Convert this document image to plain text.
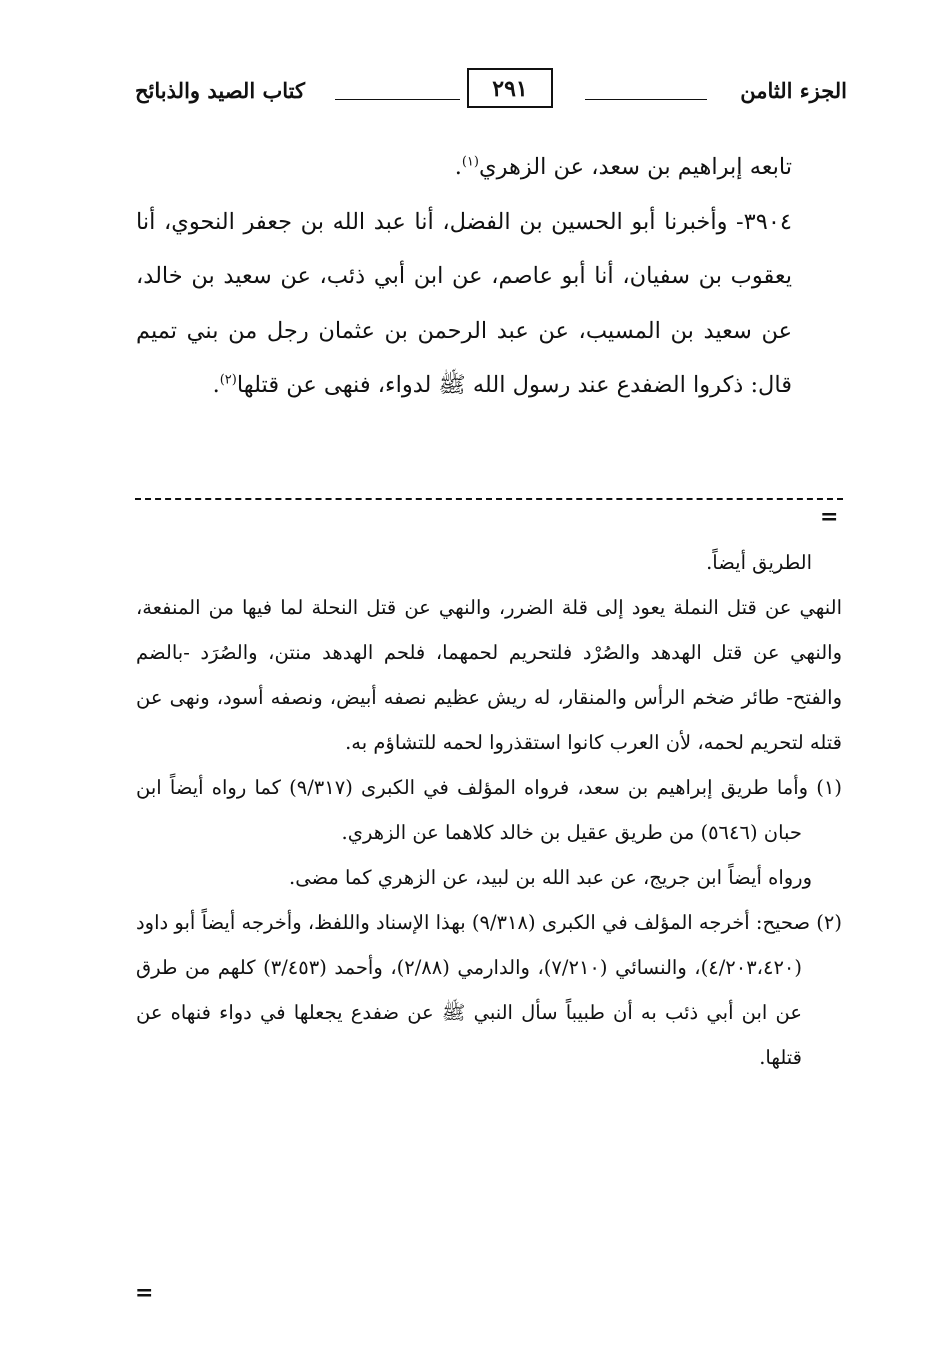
الجزء الثامن
٢٩١
كتاب الصيد والذبائح

تابعه إبراهيم بن سعد، عن الزهري$^{(١)}$.

٣٩٠٤- وأخبرنا أبو الحسين بن الفضل، أنا عبد الله بن جعفر النحوي، أنا يعقوب بن سفيان، أنا أبو عاصم، عن ابن أبي ذئب، عن سعيد بن خالد، عن سعيد بن المسيب، عن عبد الرحمن بن عثمان رجل من بني تميم قال: ذكروا الضفدع عند رسول الله ﷺ لدواء، فنهى عن قتلها$^{(٢)}$.

=

الطريق أيضاً.

النهي عن قتل النملة يعود إلى قلة الضرر، والنهي عن قتل النحلة لما فيها من المنفعة، والنهي عن قتل الهدهد والصُرْد فلتحريم لحمهما، فلحم الهدهد منتن، والصُرَد -بالضم والفتح- طائر ضخم الرأس والمنقار، له ريش عظيم نصفه أبيض، ونصفه أسود، ونهى عن قتله لتحريم لحمه، لأن العرب كانوا استقذروا لحمه للتشاؤم به.

(١) وأما طريق إبراهيم بن سعد، فرواه المؤلف في الكبرى (٩/٣١٧) كما رواه أيضاً ابن حبان (٥٦٤٦) من طريق عقيل بن خالد كلاهما عن الزهري.

ورواه أيضاً ابن جريج، عن عبد الله بن لبيد، عن الزهري كما مضى.

(٢) صحيح: أخرجه المؤلف في الكبرى (٩/٣١٨) بهذا الإسناد واللفظ، وأخرجه أيضاً أبو داود (٤/٢٠٣،٤٢٠)، والنسائي (٧/٢١٠)، والدارمي (٢/٨٨)، وأحمد (٣/٤٥٣) كلهم من طرق عن ابن أبي ذئب به أن طبيباً سأل النبي ﷺ عن ضفدع يجعلها في دواء فنهاه عن قتلها.

=
